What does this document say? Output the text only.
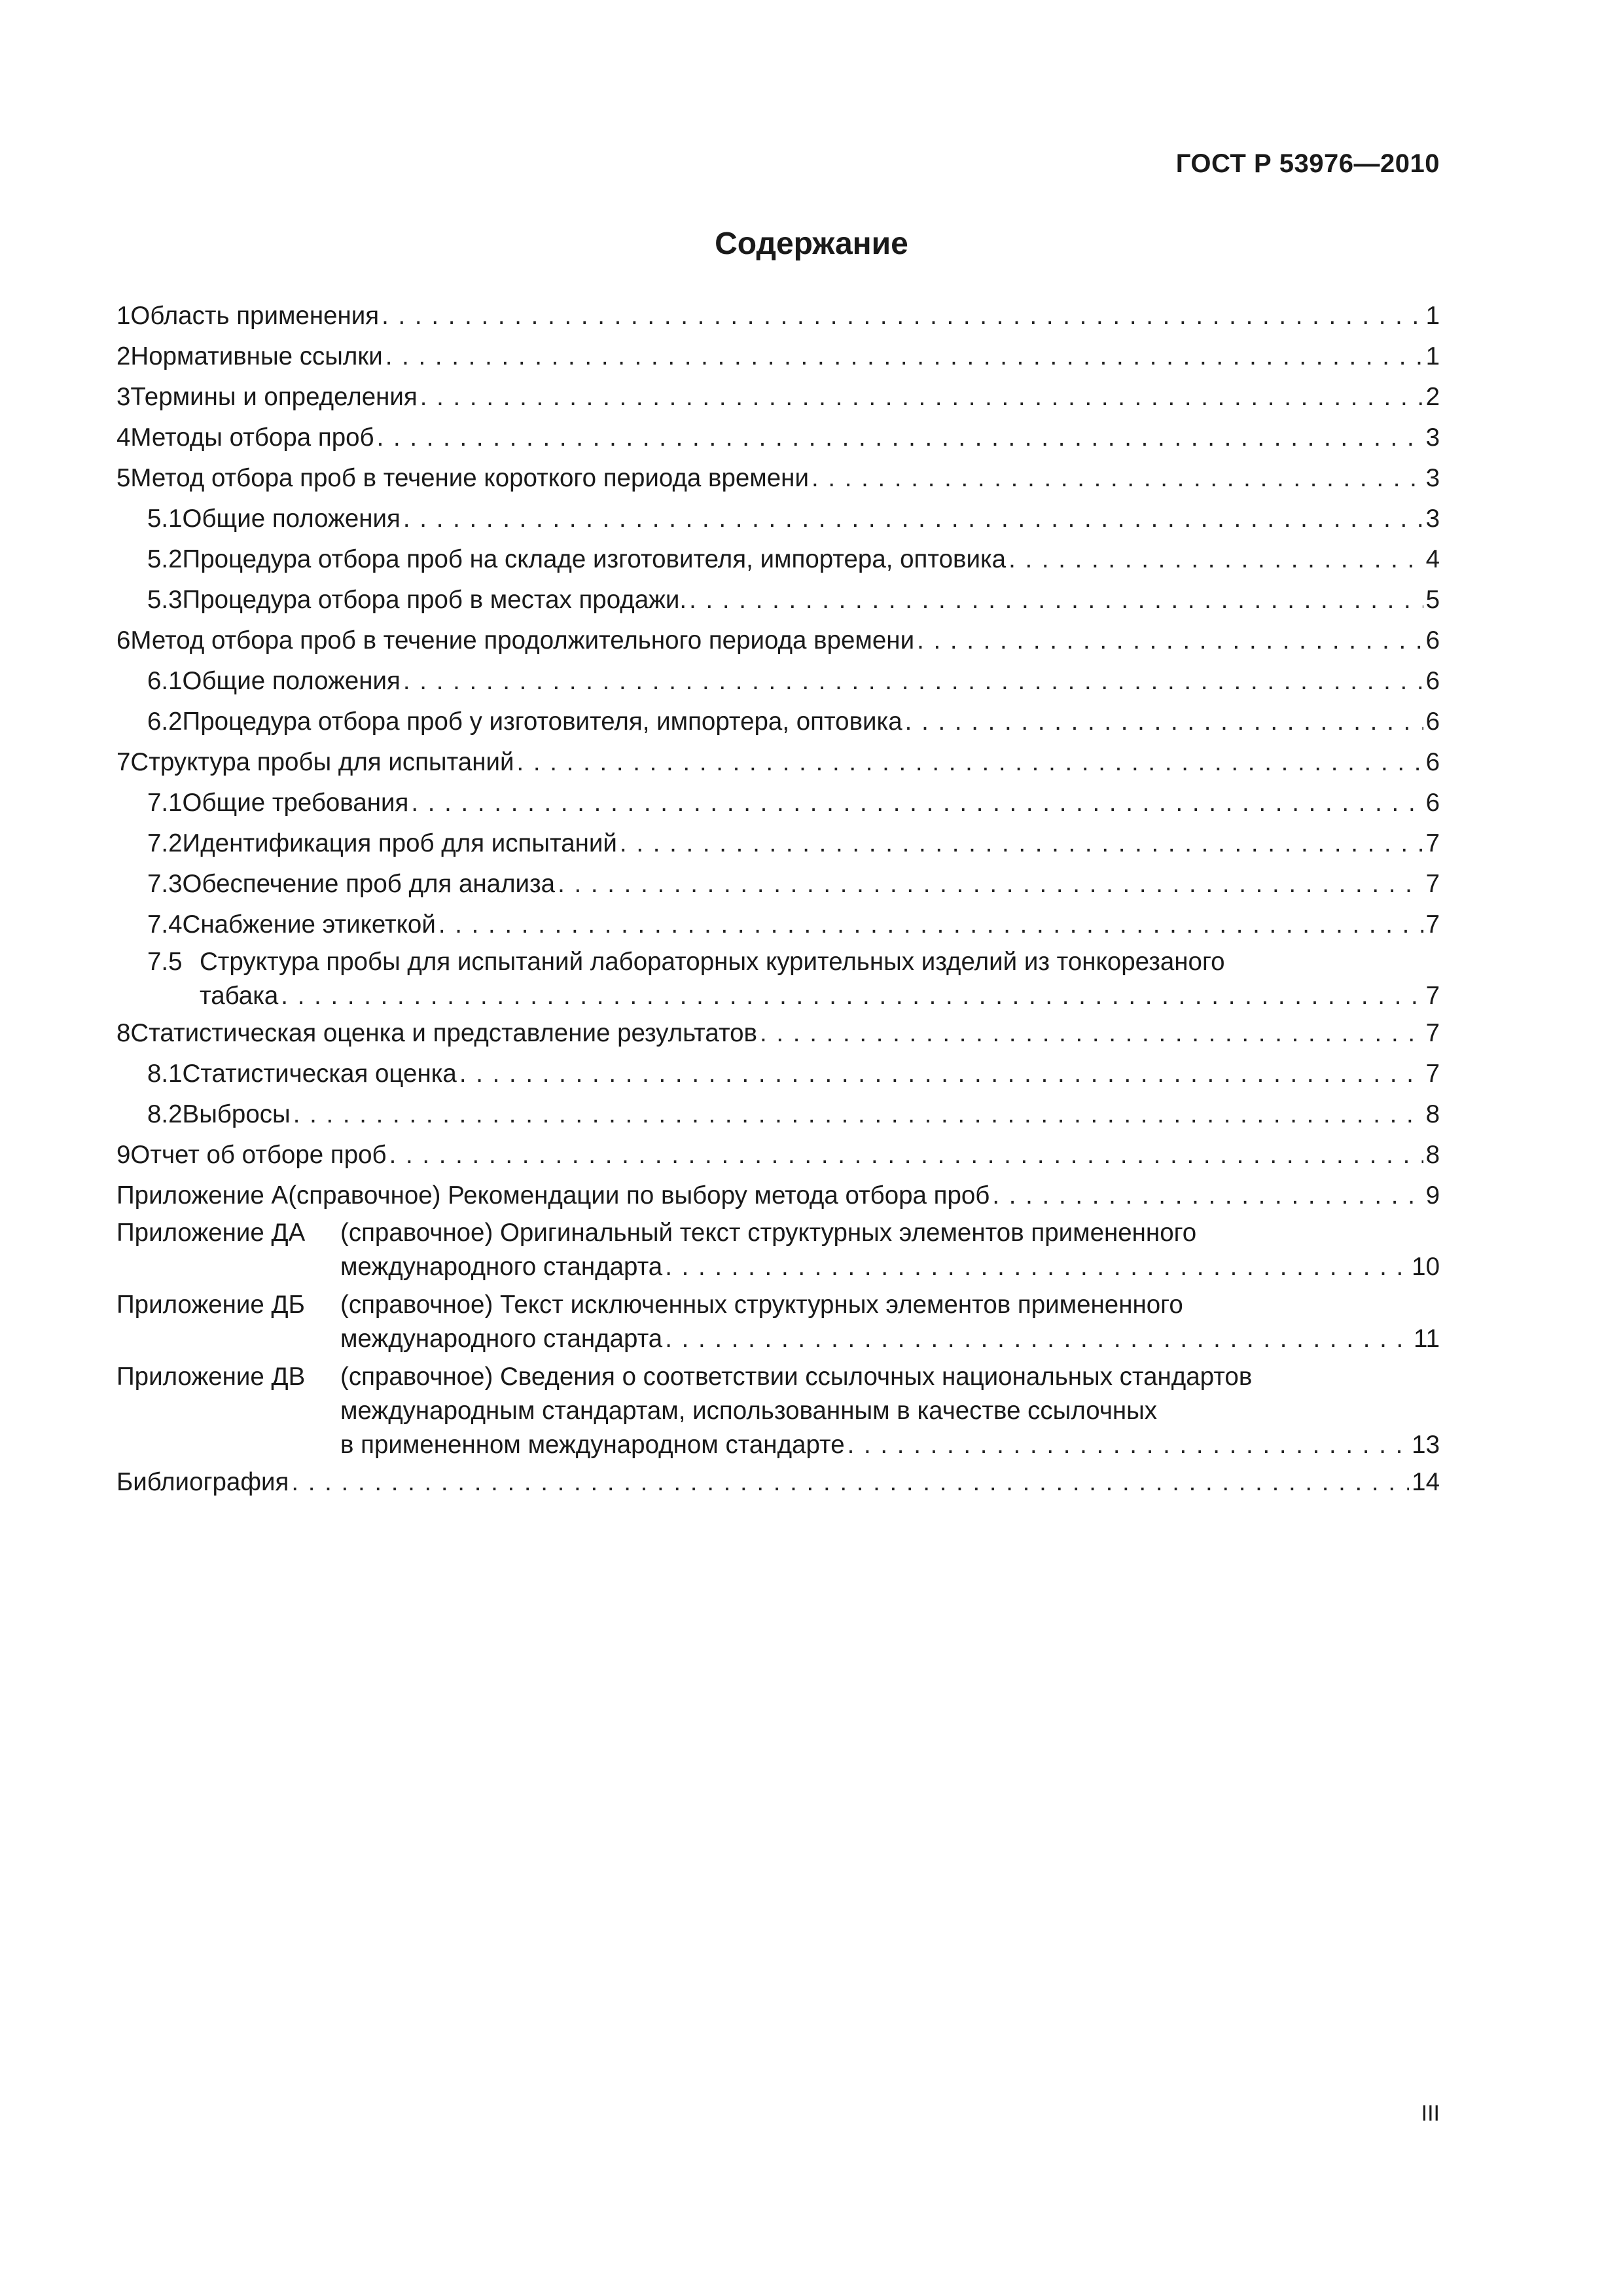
ГОСТ Р 53976—2010
Содержание
1 Область применения . . .	1
2 Нормативные ссылки . . .	1
3 Термины и определения . . .	2
4 Методы отбора проб . . .	3
5 Метод отбора проб в течение короткого периода времени . . .	3
5.1 Общие положения . . .	3
5.2 Процедура отбора проб на складе изготовителя, импортера, оптовика . . .	4
5.3 Процедура отбора проб в местах продажи. . . .	5
6 Метод отбора проб в течение продолжительного периода времени . . .	6
6.1 Общие положения . . .	6
6.2 Процедура отбора проб у изготовителя, импортера, оптовика . . .	6
7 Структура пробы для испытаний . . .	6
7.1 Общие требования . . .	6
7.2 Идентификация проб для испытаний . . .	7
7.3 Обеспечение проб для анализа . . .	7
7.4 Снабжение этикеткой . . .	7
7.5 Структура пробы для испытаний лабораторных курительных изделий из тонкорезаного
табака . . .	7
8 Статистическая оценка и представление результатов . . .	7
8.1 Статистическая оценка . . .	7
8.2 Выбросы . . .	8
9 Отчет об отборе проб . . .	8
Приложение А (справочное) Рекомендации по выбору метода отбора проб . . .	9
Приложение ДА	(справочное) Оригинальный текст структурных элементов примененного
международного стандарта . . .	10
Приложение ДБ	(справочное) Текст исключенных структурных элементов примененного
международного стандарта . . .	11
Приложение ДВ	(справочное) Сведения о соответствии ссылочных национальных стандартов
международным стандартам, использованным в качестве ссылочных
в примененном международном стандарте . . .	13
Библиография . . .	14
III
